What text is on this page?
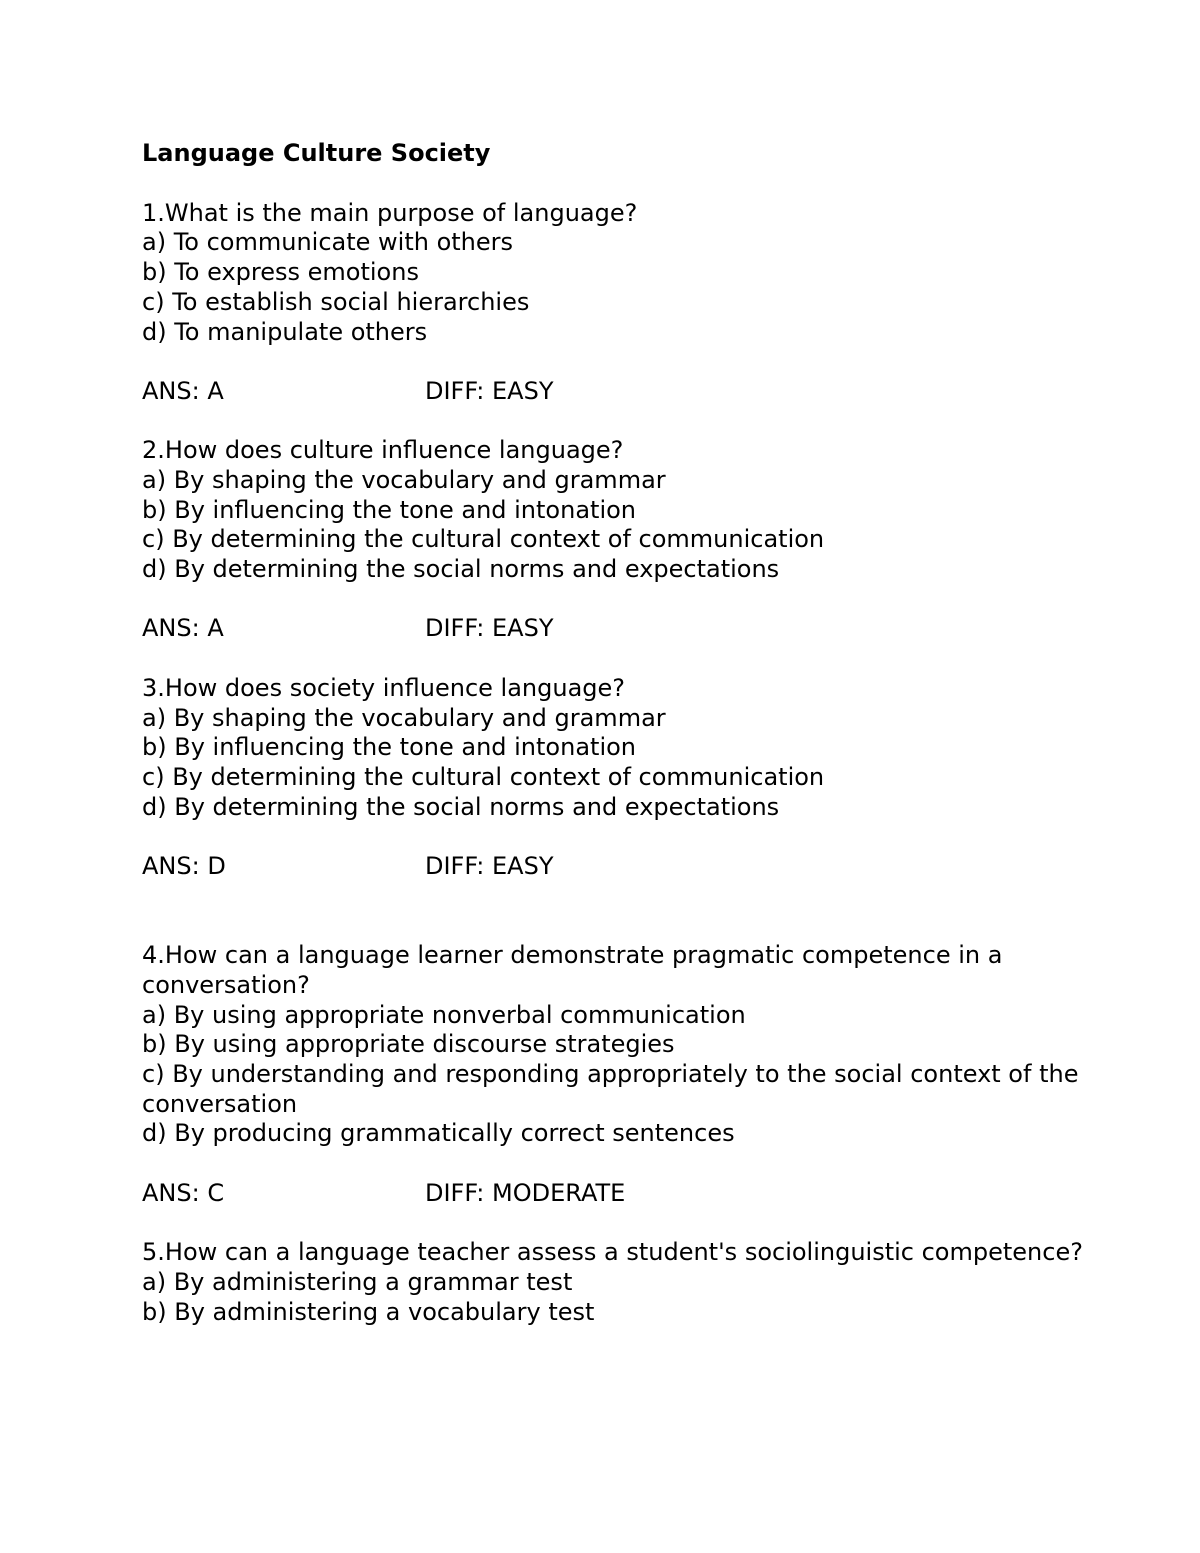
Language Culture Society
1.What is the main purpose of language?
a) To communicate with others
b) To express emotions
c) To establish social hierarchies
d) To manipulate others
ANS: A	DIFF: EASY
2.How does culture influence language?
a) By shaping the vocabulary and grammar
b) By influencing the tone and intonation
c) By determining the cultural context of communication
d) By determining the social norms and expectations
ANS: A	DIFF: EASY
3.How does society influence language?
a) By shaping the vocabulary and grammar
b) By influencing the tone and intonation
c) By determining the cultural context of communication
d) By determining the social norms and expectations
ANS: D	DIFF: EASY
4.How can a language learner demonstrate pragmatic competence in a conversation?
a) By using appropriate nonverbal communication
b) By using appropriate discourse strategies
c) By understanding and responding appropriately to the social context of the conversation
d) By producing grammatically correct sentences
ANS: C	DIFF: MODERATE
5.How can a language teacher assess a student's sociolinguistic competence?
a) By administering a grammar test
b) By administering a vocabulary test
